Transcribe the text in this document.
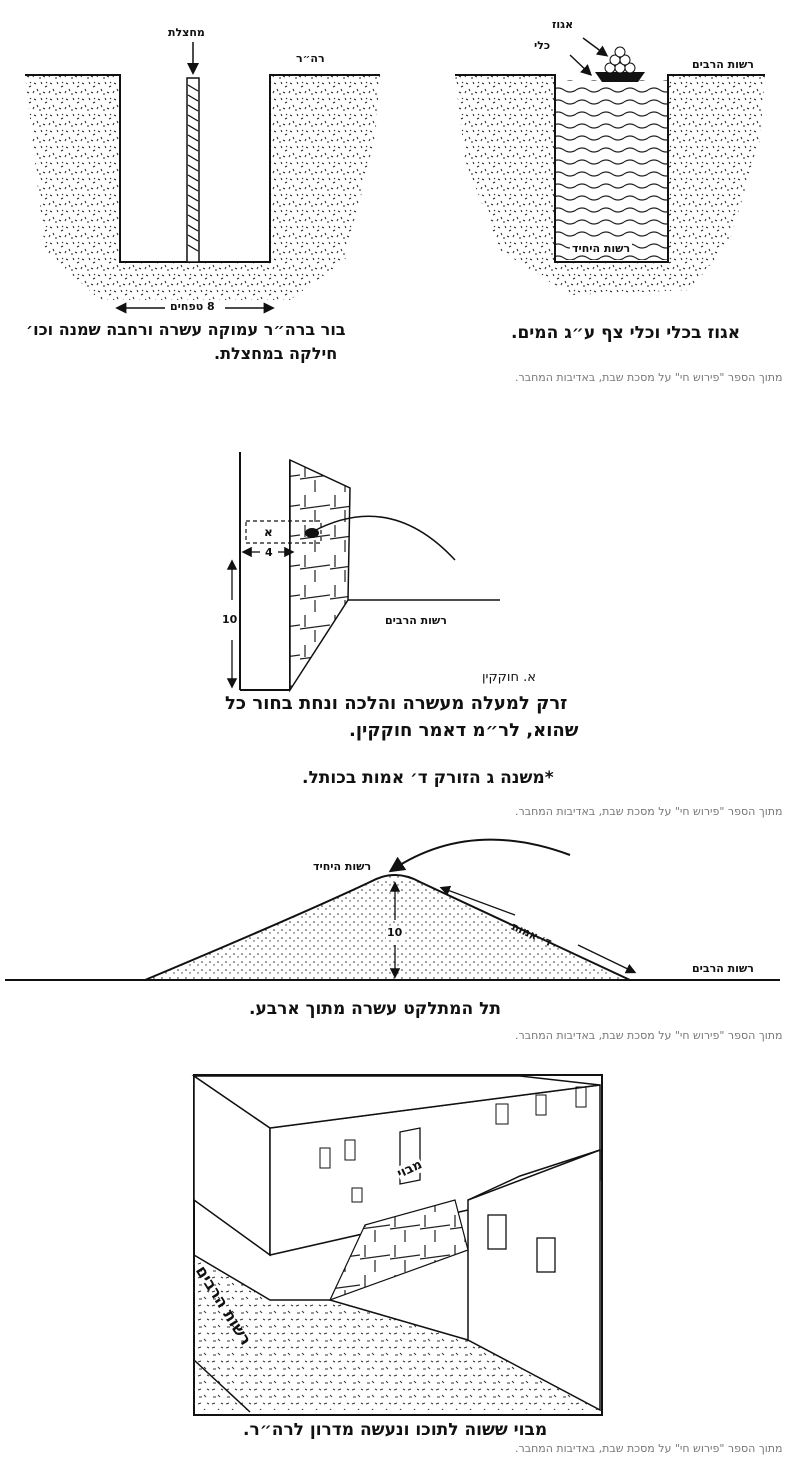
מחצלת
רה״ר
8 טפחים
בור ברה״ר עמוקה עשרה ורחבה שמנה וכו׳
חילקה במחצלת.
אגוז
כלי
רשות הרבים
רשות היחיד
אגוז בכלי וכלי צף ע״ג המים.
מתוך הספר "פירוש חי" על מסכת שבת, באדיבות המחבר.
א
4
10	רשות הרבים
א. חוקקין
זרק למעלה מעשרה והלכה ונחת בחור כל
שהוא, לר״מ דאמר חוקקין.
*משנה ג הזורק ד׳ אמות בכותל.
מתוך הספר "פירוש חי" על מסכת שבת, באדיבות המחבר.
רשות היחיד
ד׳ אמות
10
רשות הרבים
תל המתלקט עשרה מתוך ארבע.
מתוך הספר "פירוש חי" על מסכת שבת, באדיבות המחבר.
מבוי
רשות הרבים
מבוי ששוה לתוכו ונעשה מדרון לרה״ר.
מתוך הספר "פירוש חי" על מסכת שבת, באדיבות המחבר.
